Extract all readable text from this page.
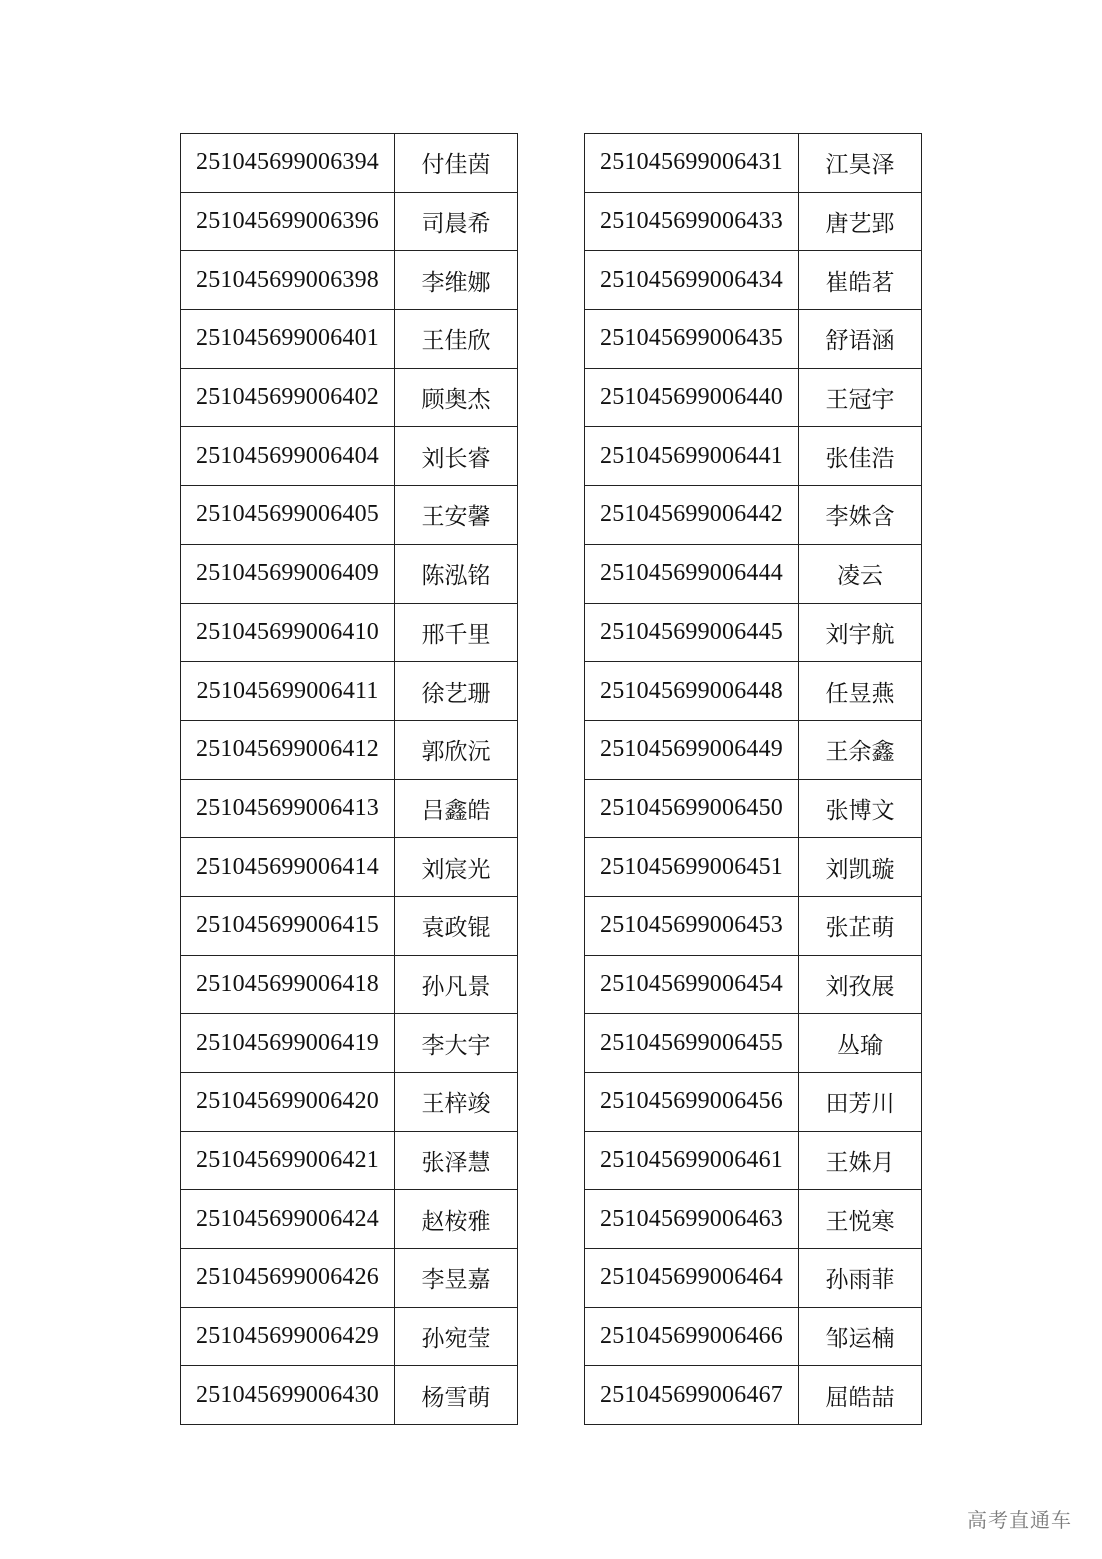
251045699006394	付佳茵
251045699006396	司晨希
251045699006398	李维娜
251045699006401	王佳欣
251045699006402	顾奥杰
251045699006404	刘长睿
251045699006405	王安馨
251045699006409	陈泓铭
251045699006410	邢千里
251045699006411	徐艺珊
251045699006412	郭欣沅
251045699006413	吕鑫皓
251045699006414	刘宸光
251045699006415	袁政锟
251045699006418	孙凡景
251045699006419	李大宇
251045699006420	王梓竣
251045699006421	张泽慧
251045699006424	赵桉雅
251045699006426	李昱嘉
251045699006429	孙宛莹
251045699006430	杨雪萌
251045699006431	江昊泽
251045699006433	唐艺郢
251045699006434	崔皓茗
251045699006435	舒语涵
251045699006440	王冠宇
251045699006441	张佳浩
251045699006442	李姝含
251045699006444	凌云
251045699006445	刘宇航
251045699006448	任昱燕
251045699006449	王余鑫
251045699006450	张博文
251045699006451	刘凯璇
251045699006453	张芷萌
251045699006454	刘孜展
251045699006455	丛瑜
251045699006456	田芳川
251045699006461	王姝月
251045699006463	王悦寒
251045699006464	孙雨菲
251045699006466	邹运楠
251045699006467	屈皓喆
高考直通车
